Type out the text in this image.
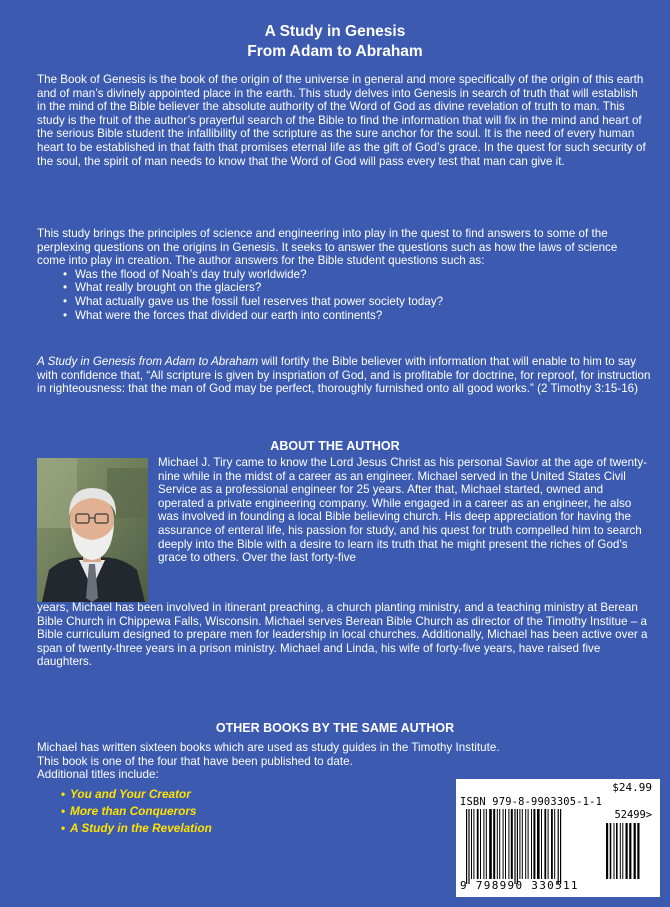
A Study in Genesis
From Adam to Abraham
The Book of Genesis is the book of the origin of the universe in general and more specifically of the origin of this earth and of man’s divinely appointed place in the earth. This study delves into Genesis in search of truth that will establish in the mind of the Bible believer the absolute authority of the Word of God as divine revelation of truth to man. This study is the fruit of the author’s prayerful search of the Bible to find the information that will fix in the mind and heart of the serious Bible student the infallibility of the scripture as the sure anchor for the soul. It is the need of every human heart to be established in that faith that promises eternal life as the gift of God’s grace. In the quest for such security of the soul, the spirit of man needs to know that the Word of God will pass every test that man can give it.
This study brings the principles of science and engineering into play in the quest to find answers to some of the perplexing questions on the origins in Genesis. It seeks to answer the questions such as how the laws of science come into play in creation. The author answers for the Bible student questions such as:
• Was the flood of Noah’s day truly worldwide?
• What really brought on the glaciers?
• What actually gave us the fossil fuel reserves that power society today?
• What were the forces that divided our earth into continents?
A Study in Genesis from Adam to Abraham will fortify the Bible believer with information that will enable to him to say with confidence that, “All scripture is given by inspriation of God, and is profitable for doctrine, for reproof, for instruction in righteousness: that the man of God may be perfect, thoroughly furnished onto all good works.” (2 Timothy 3:15-16)
ABOUT THE AUTHOR
Michael J. Tiry came to know the Lord Jesus Christ as his personal Savior at the age of twenty-nine while in the midst of a career as an engineer. Michael served in the United States Civil Service as a professional engineer for 25 years. After that, Michael started, owned and operated a private engineering company. While engaged in a career as an engineer, he also was involved in founding a local Bible believing church. His deep appreciation for having the assurance of enteral life, his passion for study, and his quest for truth compelled him to search deeply into the Bible with a desire to learn its truth that he might present the riches of God’s grace to others. Over the last forty-five
years, Michael has been involved in itinerant preaching, a church planting ministry, and a teaching ministry at Berean Bible Church in Chippewa Falls, Wisconsin. Michael serves Berean Bible Church as director of the Timothy Institue – a Bible curriculum designed to prepare men for leadership in local churches. Additionally, Michael has been active over a span of twenty-three years in a prison ministry. Michael and Linda, his wife of forty-five years, have raised five daughters.
OTHER BOOKS BY THE SAME AUTHOR
Michael has written sixteen books which are used as study guides in the Timothy Institute.
This book is one of the four that have been published to date.
Additional titles include:
• You and Your Creator
• More than Conquerors
• A Study in the Revelation
$24.99
ISBN 979-8-9903305-1-1
52499>
9 798990 330511
